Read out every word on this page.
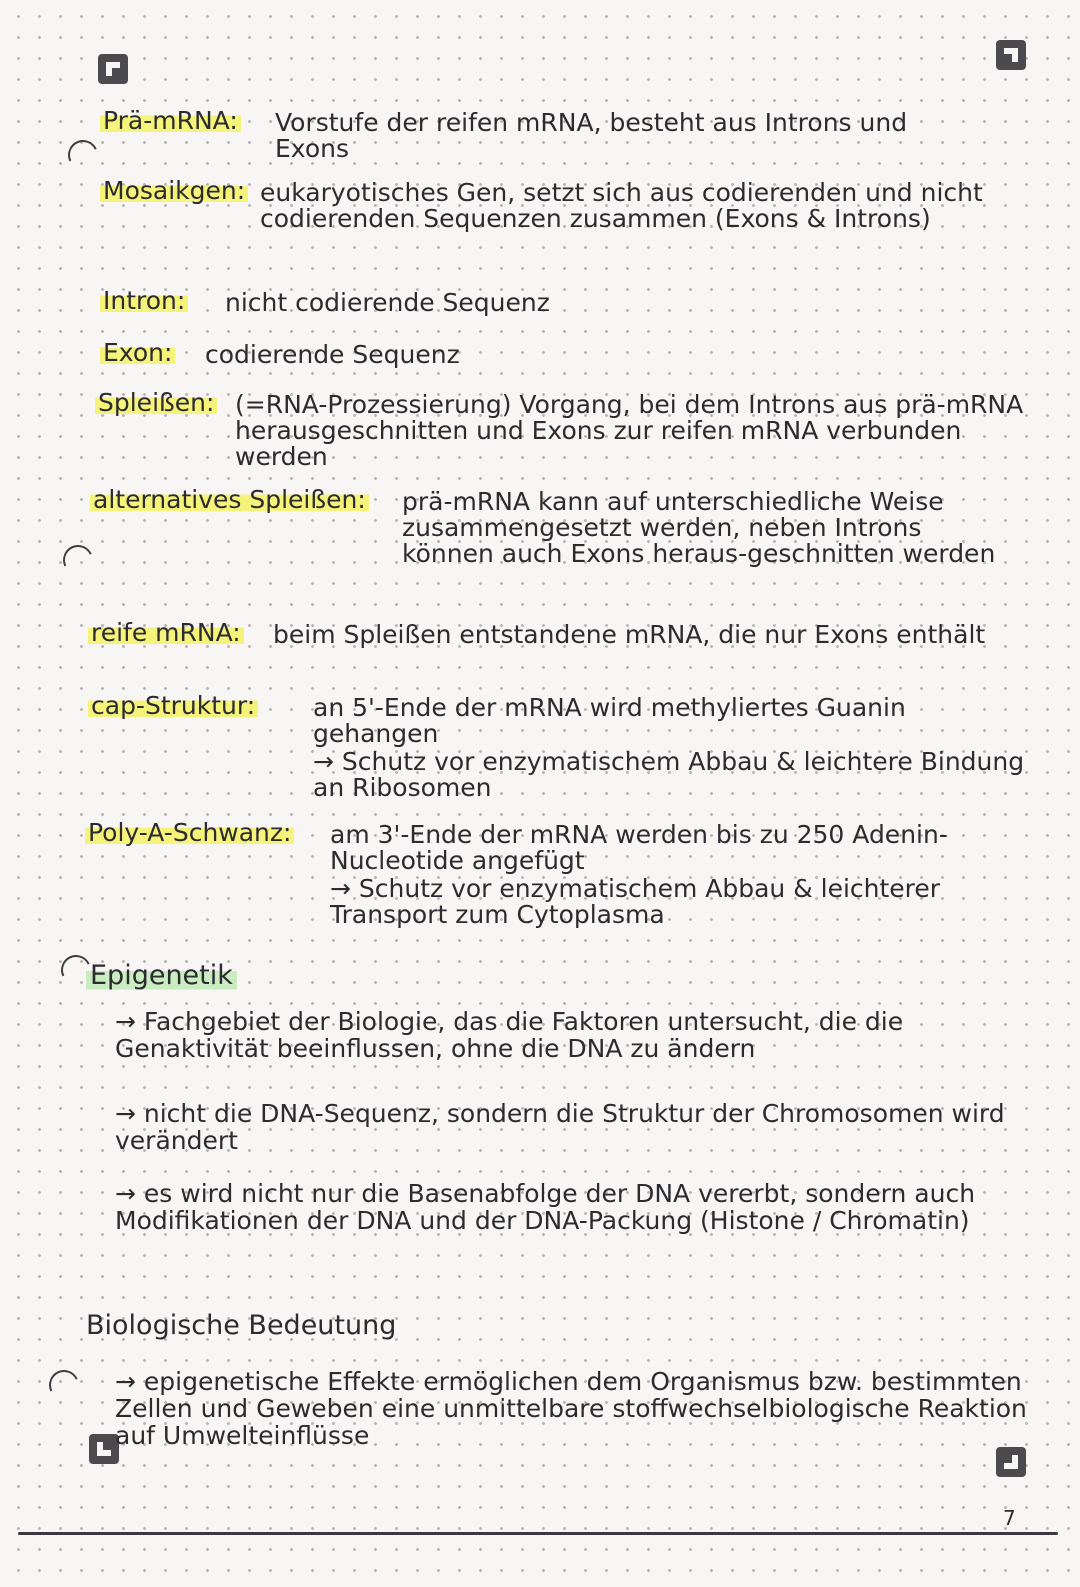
Prä-mRNA: Vorstufe der reifen mRNA, besteht aus Introns und Exons
Mosaikgen: eukaryotisches Gen, setzt sich aus codierenden und nicht codierenden Sequenzen zusammen (Exons & Introns)
Intron: nicht codierende Sequenz
Exon: codierende Sequenz
Spleißen: (=RNA-Prozessierung) Vorgang, bei dem Introns aus prä-mRNA herausgeschnitten und Exons zur reifen mRNA verbunden werden
alternatives Spleißen: prä-mRNA kann auf unterschiedliche Weise zusammengesetzt werden, neben Introns können auch Exons heraus-geschnitten werden
reife mRNA: beim Spleißen entstandene mRNA, die nur Exons enthält
cap-Struktur: an 5'-Ende der mRNA wird methyliertes Guanin gehangen
→ Schutz vor enzymatischem Abbau & leichtere Bindung an Ribosomen
Poly-A-Schwanz: am 3'-Ende der mRNA werden bis zu 250 Adenin-Nucleotide angefügt
→ Schutz vor enzymatischem Abbau & leichterer Transport zum Cytoplasma
Epigenetik
→ Fachgebiet der Biologie, das die Faktoren untersucht, die die Genaktivität beeinflussen, ohne die DNA zu ändern
→ nicht die DNA-Sequenz, sondern die Struktur der Chromosomen wird verändert
→ es wird nicht nur die Basenabfolge der DNA vererbt, sondern auch Modifikationen der DNA und der DNA-Packung (Histone / Chromatin)
Biologische Bedeutung
→ epigenetische Effekte ermöglichen dem Organismus bzw. bestimmten Zellen und Geweben eine unmittelbare stoffwechselbiologische Reaktion auf Umwelteinflüsse
7
